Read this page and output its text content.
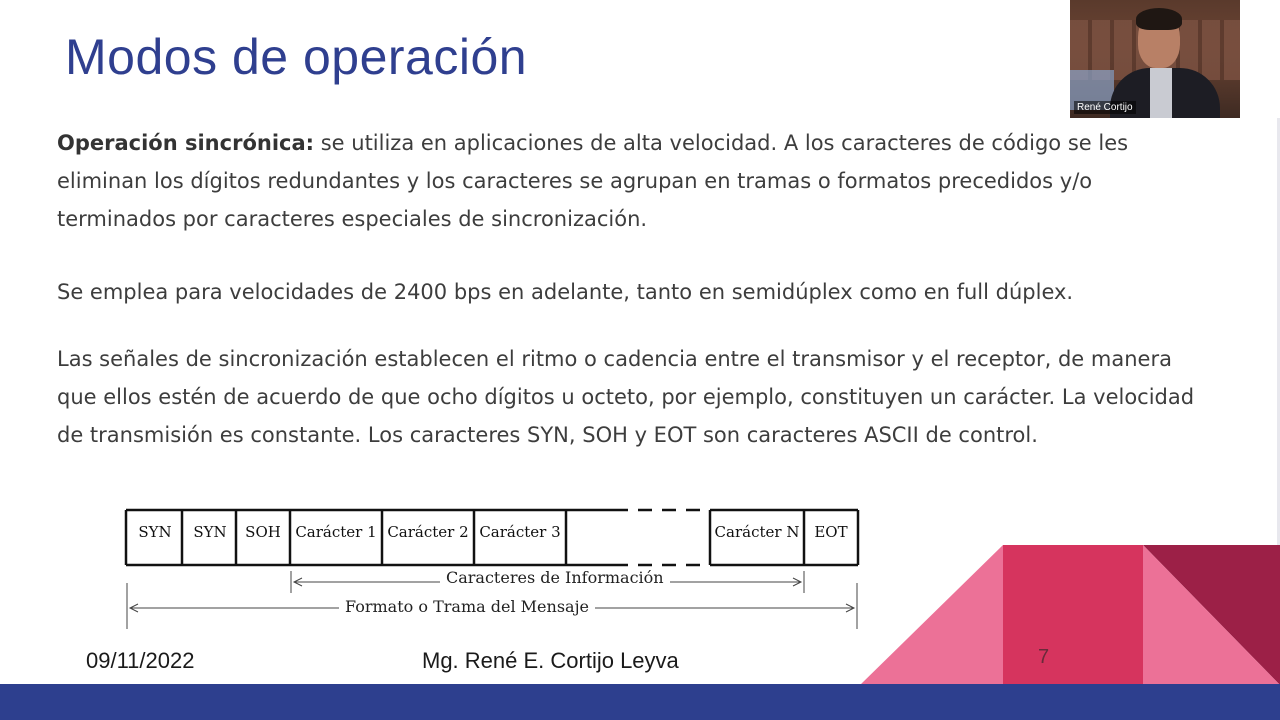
Modos de operación

Operación sincrónica: se utiliza en aplicaciones de alta velocidad. A los caracteres de código se les eliminan los dígitos redundantes y los caracteres se agrupan en tramas o formatos precedidos y/o terminados por caracteres especiales de sincronización.

Se emplea para velocidades de 2400 bps en adelante, tanto en semidúplex como en full dúplex.

Las señales de sincronización establecen el ritmo o cadencia entre el transmisor y el receptor, de manera que ellos estén de acuerdo de que ocho dígitos u octeto, por ejemplo, constituyen un carácter. La velocidad de transmisión es constante. Los caracteres SYN, SOH y EOT son caracteres ASCII de control.

SYN	SYN	SOH Carácter 1 Carácter 2 Carácter 3	Carácter N EOT
Caracteres de Información
Formato o Trama del Mensaje
René Cortijo
09/11/2022	Mg. René E. Cortijo Leyva	7
